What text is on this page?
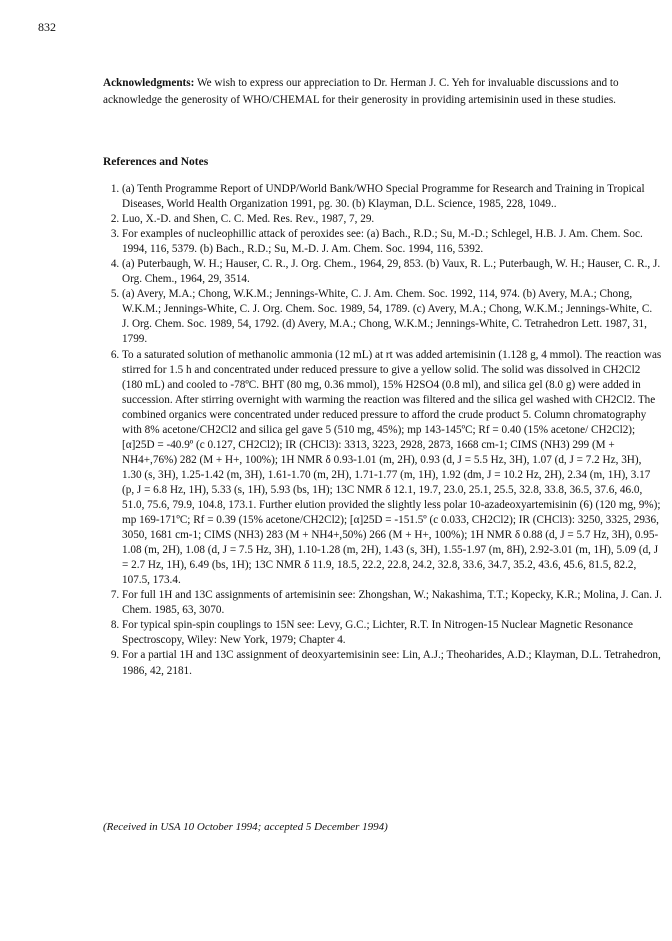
832
Acknowledgments: We wish to express our appreciation to Dr. Herman J. C. Yeh for invaluable discussions and to acknowledge the generosity of WHO/CHEMAL for their generosity in providing artemisinin used in these studies.
References and Notes
1. (a) Tenth Programme Report of UNDP/World Bank/WHO Special Programme for Research and Training in Tropical Diseases, World Health Organization 1991, pg. 30. (b) Klayman, D.L. Science, 1985, 228, 1049..
2. Luo, X.-D. and Shen, C. C. Med. Res. Rev., 1987, 7, 29.
3. For examples of nucleophillic attack of peroxides see: (a) Bach., R.D.; Su, M.-D.; Schlegel, H.B. J. Am. Chem. Soc. 1994, 116, 5379. (b) Bach., R.D.; Su, M.-D. J. Am. Chem. Soc. 1994, 116, 5392.
4. (a) Puterbaugh, W. H.; Hauser, C. R., J. Org. Chem., 1964, 29, 853. (b) Vaux, R. L.; Puterbaugh, W. H.; Hauser, C. R., J. Org. Chem., 1964, 29, 3514.
5. (a) Avery, M.A.; Chong, W.K.M.; Jennings-White, C. J. Am. Chem. Soc. 1992, 114, 974. (b) Avery, M.A.; Chong, W.K.M.; Jennings-White, C. J. Org. Chem. Soc. 1989, 54, 1789. (c) Avery, M.A.; Chong, W.K.M.; Jennings-White, C. J. Org. Chem. Soc. 1989, 54, 1792. (d) Avery, M.A.; Chong, W.K.M.; Jennings-White, C. Tetrahedron Lett. 1987, 31, 1799.
6. To a saturated solution of methanolic ammonia (12 mL) at rt was added artemisinin (1.128 g, 4 mmol). The reaction was stirred for 1.5 h and concentrated under reduced pressure to give a yellow solid. The solid was dissolved in CH2Cl2 (180 mL) and cooled to -78ºC. BHT (80 mg, 0.36 mmol), 15% H2SO4 (0.8 ml), and silica gel (8.0 g) were added in succession. After stirring overnight with warming the reaction was filtered and the silica gel washed with CH2Cl2. The combined organics were concentrated under reduced pressure to afford the crude product 5. Column chromatography with 8% acetone/CH2Cl2 and silica gel gave 5 (510 mg, 45%); mp 143-145ºC; Rf = 0.40 (15% acetone/ CH2Cl2); [α]25D = -40.9º (c 0.127, CH2Cl2); IR (CHCl3): 3313, 3223, 2928, 2873, 1668 cm-1; CIMS (NH3) 299 (M + NH4+,76%) 282 (M + H+, 100%); 1H NMR δ 0.93-1.01 (m, 2H), 0.93 (d, J = 5.5 Hz, 3H), 1.07 (d, J = 7.2 Hz, 3H), 1.30 (s, 3H), 1.25-1.42 (m, 3H), 1.61-1.70 (m, 2H), 1.71-1.77 (m, 1H), 1.92 (dm, J = 10.2 Hz, 2H), 2.34 (m, 1H), 3.17 (p, J = 6.8 Hz, 1H), 5.33 (s, 1H), 5.93 (bs, 1H); 13C NMR δ 12.1, 19.7, 23.0, 25.1, 25.5, 32.8, 33.8, 36.5, 37.6, 46.0, 51.0, 75.6, 79.9, 104.8, 173.1. Further elution provided the slightly less polar 10-azadeoxyartemisinin (6) (120 mg, 9%); mp 169-171ºC; Rf = 0.39 (15% acetone/CH2Cl2); [α]25D = -151.5º (c 0.033, CH2Cl2); IR (CHCl3): 3250, 3325, 2936, 3050, 1681 cm-1; CIMS (NH3) 283 (M + NH4+,50%) 266 (M + H+, 100%); 1H NMR δ 0.88 (d, J = 5.7 Hz, 3H), 0.95-1.08 (m, 2H), 1.08 (d, J = 7.5 Hz, 3H), 1.10-1.28 (m, 2H), 1.43 (s, 3H), 1.55-1.97 (m, 8H), 2.92-3.01 (m, 1H), 5.09 (d, J = 2.7 Hz, 1H), 6.49 (bs, 1H); 13C NMR δ 11.9, 18.5, 22.2, 22.8, 24.2, 32.8, 33.6, 34.7, 35.2, 43.6, 45.6, 81.5, 82.2, 107.5, 173.4.
7. For full 1H and 13C assignments of artemisinin see: Zhongshan, W.; Nakashima, T.T.; Kopecky, K.R.; Molina, J. Can. J. Chem. 1985, 63, 3070.
8. For typical spin-spin couplings to 15N see: Levy, G.C.; Lichter, R.T. In Nitrogen-15 Nuclear Magnetic Resonance Spectroscopy, Wiley: New York, 1979; Chapter 4.
9. For a partial 1H and 13C assignment of deoxyartemisinin see: Lin, A.J.; Theoharides, A.D.; Klayman, D.L. Tetrahedron, 1986, 42, 2181.
(Received in USA 10 October 1994; accepted 5 December 1994)
